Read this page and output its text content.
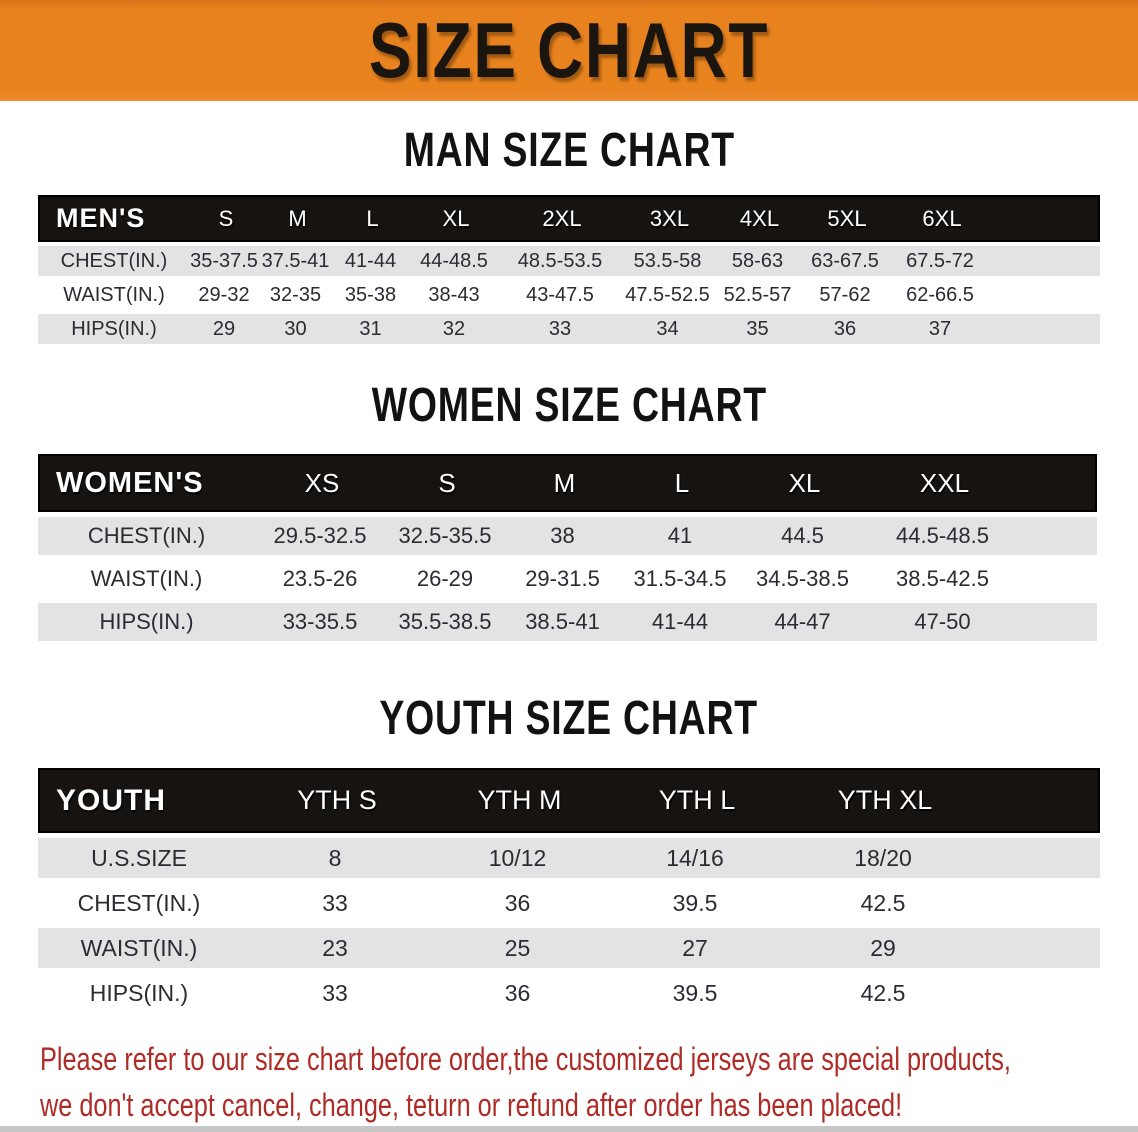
SIZE CHART
MAN SIZE CHART
MEN'S	S	M	L	XL	2XL	3XL	4XL	5XL	6XL
CHEST(IN.)	35-37.5 37.5-41 41-44	44-48.5	48.5-53.5	53.5-58	58-63	63-67.5	67.5-72
WAIST(IN.)	29-32	32-35	35-38	38-43	43-47.5	47.5-52.5 52.5-57	57-62	62-66.5
HIPS(IN.)	29	30	31	32	33	34	35	36	37
WOMEN SIZE CHART
WOMEN'S	XS	S	M	L	XL	XXL
CHEST(IN.)	29.5-32.5	32.5-35.5	38	41	44.5	44.5-48.5
WAIST(IN.)	23.5-26	26-29	29-31.5	31.5-34.5	34.5-38.5	38.5-42.5
HIPS(IN.)	33-35.5	35.5-38.5	38.5-41	41-44	44-47	47-50
YOUTH SIZE CHART
YOUTH	YTH S	YTH M	YTH L	YTH XL
U.S.SIZE	8	10/12	14/16	18/20
CHEST(IN.)	33	36	39.5	42.5
WAIST(IN.)	23	25	27	29
HIPS(IN.)	33	36	39.5	42.5
Please refer to our size chart before order,the customized jerseys are special products,
we don't accept cancel, change, teturn or refund after order has been placed!
